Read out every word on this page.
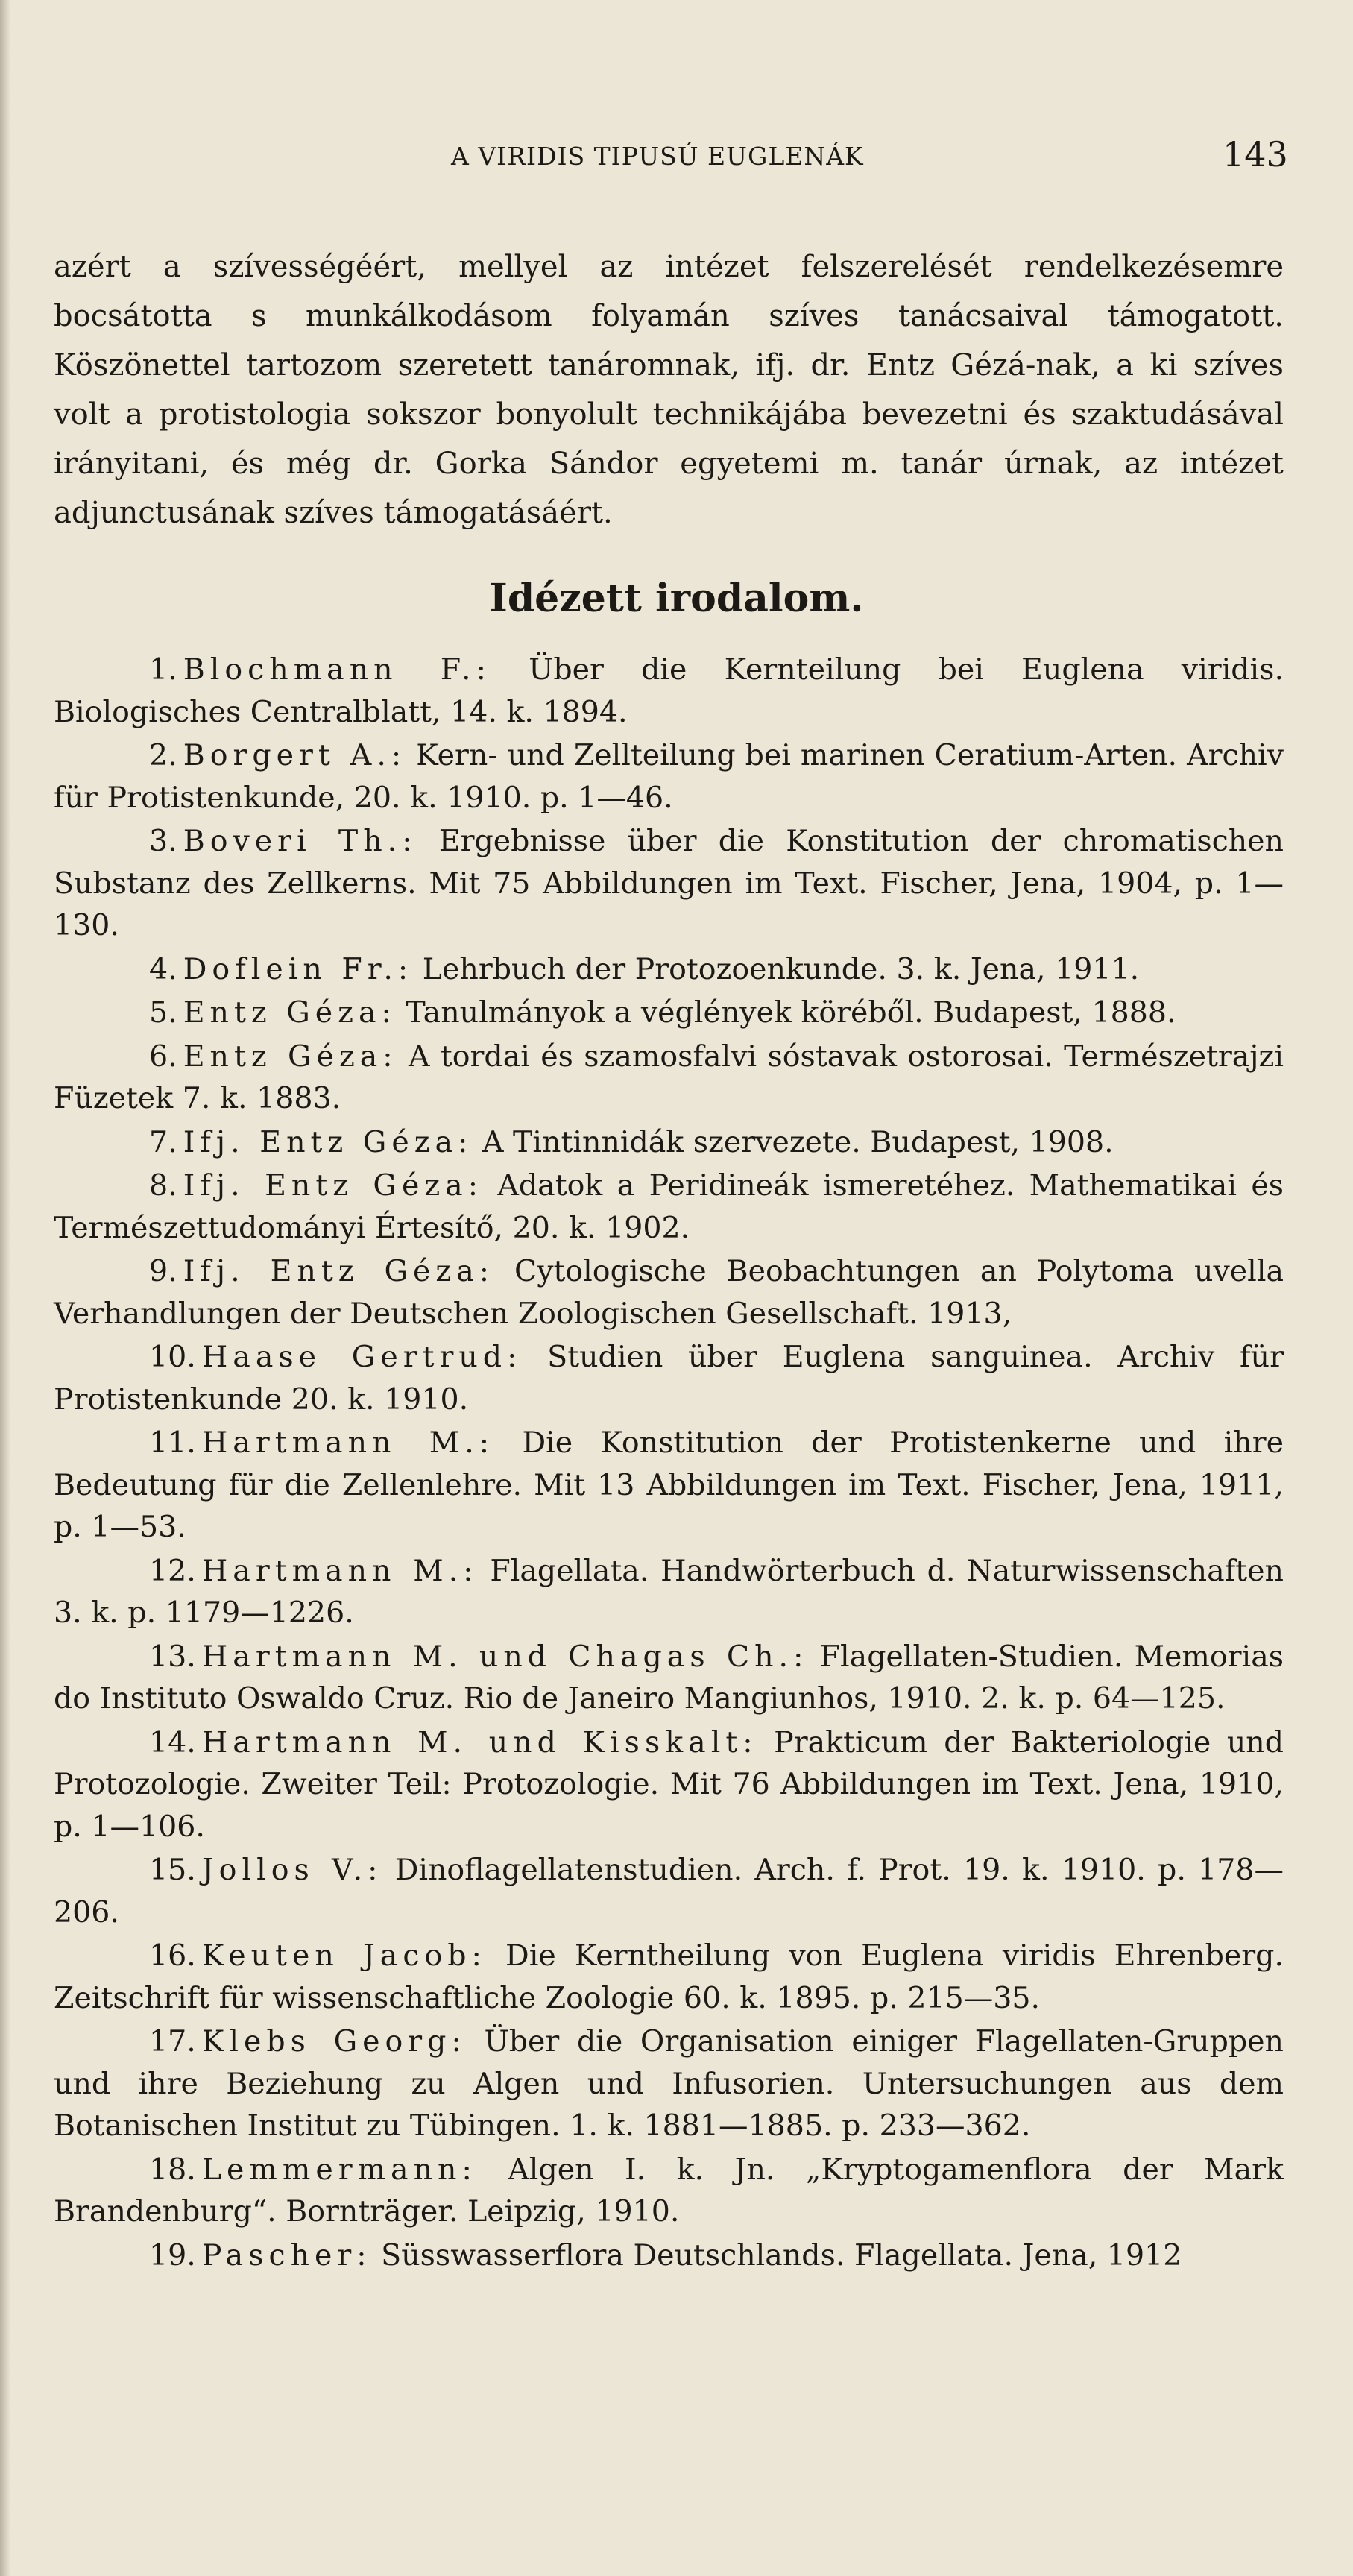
A VIRIDIS TIPUSÚ EUGLENÁK	143

azért a szívességéért, mellyel az intézet felszerelését rendelkezésemre bocsátotta s munkálkodásom folyamán szíves tanácsaival támogatott. Köszönettel tartozom szeretett tanáromnak, ifj. dr. Entz Gézá-nak, a ki szíves volt a protistologia sokszor bonyolult technikájába bevezetni és szaktudásával irányitani, és még dr. Gorka Sándor egyetemi m. tanár úrnak, az intézet adjunctusának szíves támogatásáért.

Idézett irodalom.
1. Blochmann F.: Über die Kernteilung bei Euglena viridis. Biologisches Centralblatt, 14. k. 1894.
2. Borgert A.: Kern- und Zellteilung bei marinen Ceratium-Arten. Archiv für Protistenkunde, 20. k. 1910. p. 1—46.
3. Boveri Th.: Ergebnisse über die Konstitution der chromatischen Substanz des Zellkerns. Mit 75 Abbildungen im Text. Fischer, Jena, 1904, p. 1—130.
4. Doflein Fr.: Lehrbuch der Protozoenkunde. 3. k. Jena, 1911.
5. Entz Géza: Tanulmányok a véglények köréből. Budapest, 1888.
6. Entz Géza: A tordai és szamosfalvi sóstavak ostorosai. Természetrajzi Füzetek 7. k. 1883.
7. Ifj. Entz Géza: A Tintinnidák szervezete. Budapest, 1908.
8. Ifj. Entz Géza: Adatok a Peridineák ismeretéhez. Mathematikai és Természettudományi Értesítő, 20. k. 1902.
9. Ifj. Entz Géza: Cytologische Beobachtungen an Polytoma uvella Verhandlungen der Deutschen Zoologischen Gesellschaft. 1913,
10. Haase Gertrud: Studien über Euglena sanguinea. Archiv für Protistenkunde 20. k. 1910.
11. Hartmann M.: Die Konstitution der Protistenkerne und ihre Bedeutung für die Zellenlehre. Mit 13 Abbildungen im Text. Fischer, Jena, 1911, p. 1—53.
12. Hartmann M.: Flagellata. Handwörterbuch d. Naturwissenschaften 3. k. p. 1179—1226.
13. Hartmann M. und Chagas Ch.: Flagellaten-Studien. Memorias do Instituto Oswaldo Cruz. Rio de Janeiro Mangiunhos, 1910. 2. k. p. 64—125.
14. Hartmann M. und Kisskalt: Prakticum der Bakteriologie und Protozologie. Zweiter Teil: Protozologie. Mit 76 Abbildungen im Text. Jena, 1910, p. 1—106.
15. Jollos V.: Dinoflagellatenstudien. Arch. f. Prot. 19. k. 1910. p. 178—206.
16. Keuten Jacob: Die Kerntheilung von Euglena viridis Ehrenberg. Zeitschrift für wissenschaftliche Zoologie 60. k. 1895. p. 215—35.
17. Klebs Georg: Über die Organisation einiger Flagellaten-Gruppen und ihre Beziehung zu Algen und Infusorien. Untersuchungen aus dem Botanischen Institut zu Tübingen. 1. k. 1881—1885. p. 233—362.
18. Lemmermann: Algen I. k. Jn. „Kryptogamenflora der Mark Brandenburg“. Bornträger. Leipzig, 1910.
19. Pascher: Süsswasserflora Deutschlands. Flagellata. Jena, 1912
